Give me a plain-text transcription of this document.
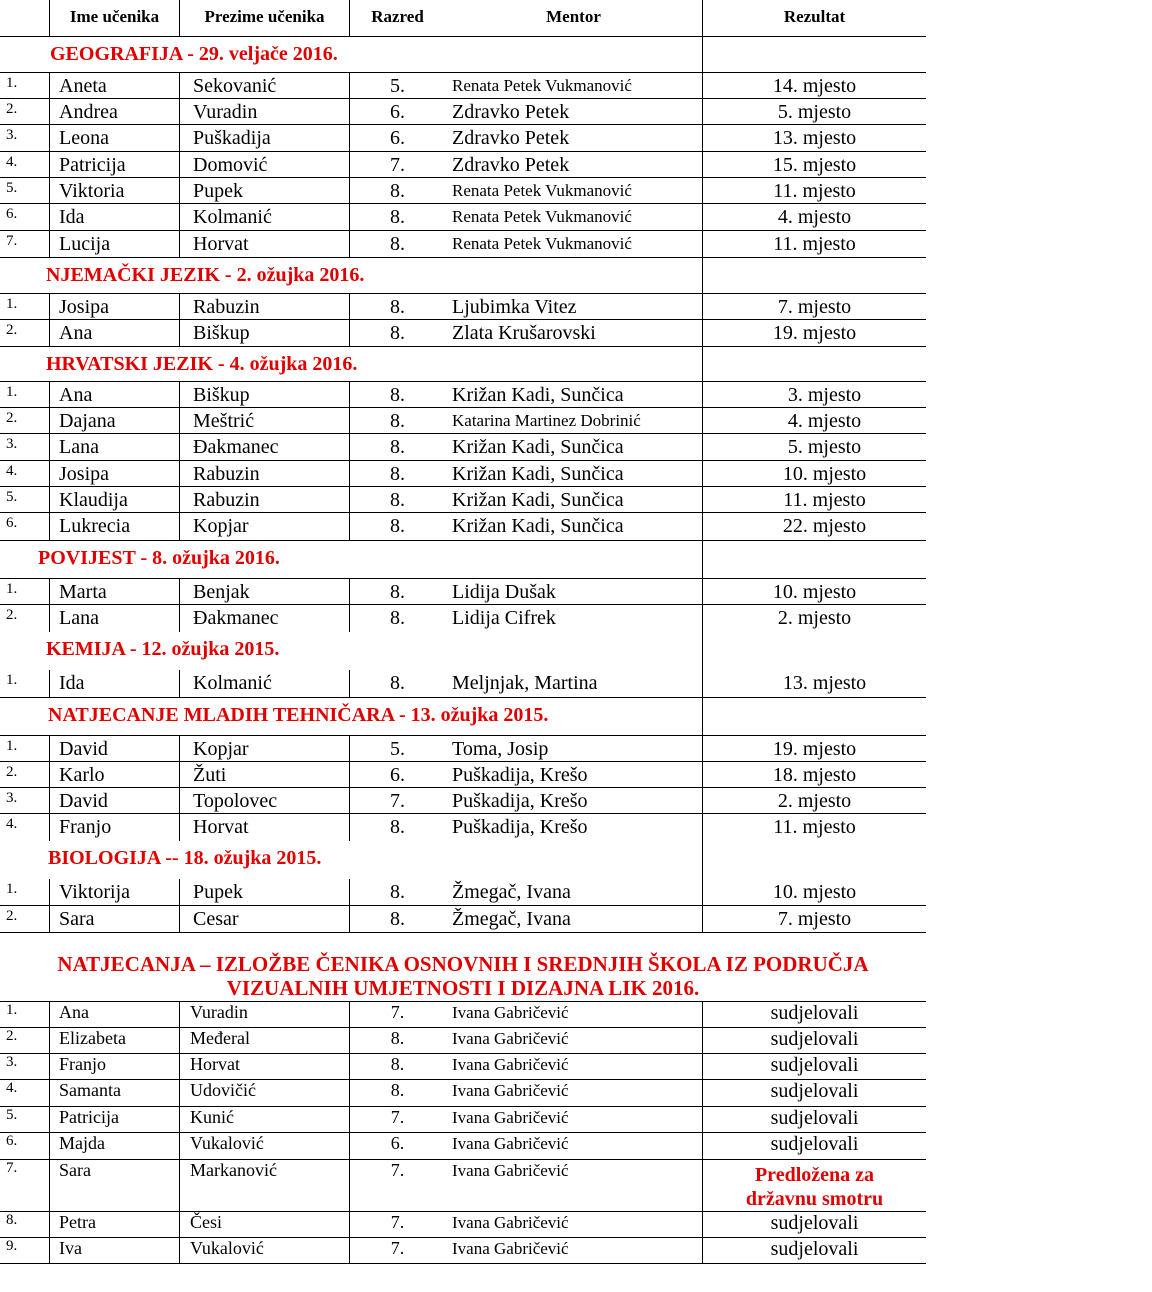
Ime učenika	Prezime učenika	Razred	Mentor	Rezultat
GEOGRAFIJA - 29. veljače 2016.
1.	Aneta	Sekovanić	5.	Renata Petek Vukmanović	14. mjesto
2.	Andrea	Vuradin	6.	Zdravko Petek	5. mjesto
3.	Leona	Puškadija	6.	Zdravko Petek	13. mjesto
4.	Patricija	Domović	7.	Zdravko Petek	15. mjesto
5.	Viktoria	Pupek	8.	Renata Petek Vukmanović	11. mjesto
6.	Ida	Kolmanić	8.	Renata Petek Vukmanović	4. mjesto
7.	Lucija	Horvat	8.	Renata Petek Vukmanović	11. mjesto
NJEMAČKI JEZIK - 2. ožujka 2016.
1.	Josipa	Rabuzin	8.	Ljubimka Vitez	7. mjesto
2.	Ana	Biškup	8.	Zlata Krušarovski	19. mjesto
HRVATSKI JEZIK - 4. ožujka 2016.
1.	Ana	Biškup	8.	Križan Kadi, Sunčica	3. mjesto
2.	Dajana	Meštrić	8.	Katarina Martinez Dobrinić	4. mjesto
3.	Lana	Đakmanec	8.	Križan Kadi, Sunčica	5. mjesto
4.	Josipa	Rabuzin	8.	Križan Kadi, Sunčica	10. mjesto
5.	Klaudija	Rabuzin	8.	Križan Kadi, Sunčica	11. mjesto
6.	Lukrecia	Kopjar	8.	Križan Kadi, Sunčica	22. mjesto
POVIJEST - 8. ožujka 2016.
1.	Marta	Benjak	8.	Lidija Dušak	10. mjesto
2.	Lana	Đakmanec	8.	Lidija Cifrek	2. mjesto
KEMIJA - 12. ožujka 2015.
1.	Ida	Kolmanić	8.	Meljnjak, Martina	13. mjesto
NATJECANJE MLADIH TEHNIČARA - 13. ožujka 2015.
1.	David	Kopjar	5.	Toma, Josip	19. mjesto
2.	Karlo	Žuti	6.	Puškadija, Krešo	18. mjesto
3.	David	Topolovec	7.	Puškadija, Krešo	2. mjesto
4.	Franjo	Horvat	8.	Puškadija, Krešo	11. mjesto
BIOLOGIJA -- 18. ožujka 2015.
1.	Viktorija	Pupek	8.	Žmegač, Ivana	10. mjesto
2.	Sara	Cesar	8.	Žmegač, Ivana	7. mjesto
NATJECANJA – IZLOŽBE ČENIKA OSNOVNIH I SREDNJIH ŠKOLA IZ PODRUČJA
VIZUALNIH UMJETNOSTI I DIZAJNA LIK 2016.
1.	Ana	Vuradin	7.	Ivana Gabričević	sudjelovali
2.	Elizabeta	Međeral	8.	Ivana Gabričević	sudjelovali
3.	Franjo	Horvat	8.	Ivana Gabričević	sudjelovali
4.	Samanta	Udovičić	8.	Ivana Gabričević	sudjelovali
5.	Patricija	Kunić	7.	Ivana Gabričević	sudjelovali
6.	Majda	Vukalović	6.	Ivana Gabričević	sudjelovali
7.	Sara	Markanović	7.	Ivana Gabričević	Predložena za državnu smotru
8.	Petra	Česi	7.	Ivana Gabričević	sudjelovali
9.	Iva	Vukalović	7.	Ivana Gabričević	sudjelovali
